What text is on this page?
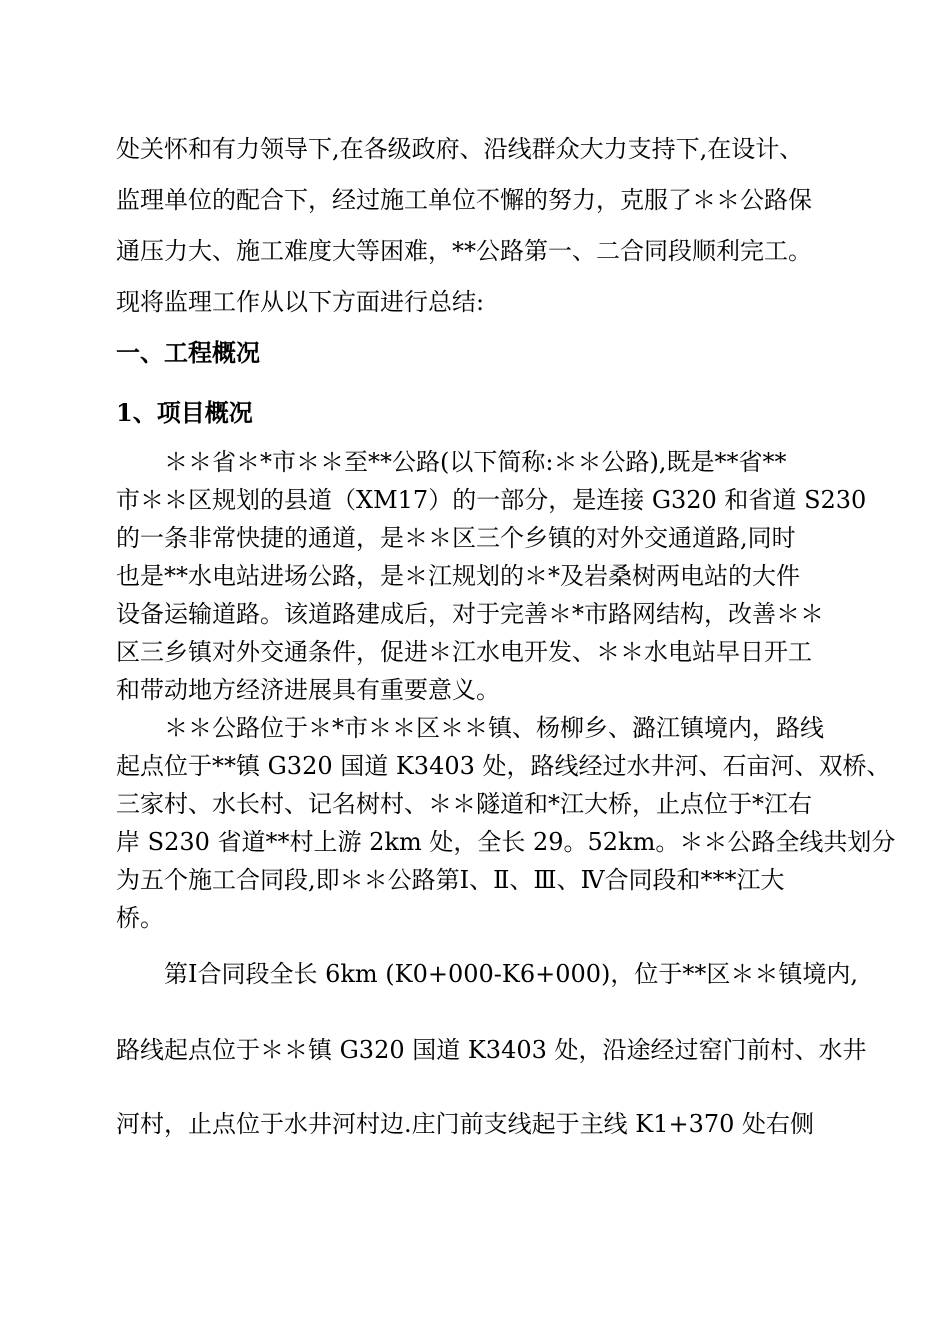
处关怀和有力领导下,在各级政府、沿线群众大力支持下,在设计、
监理单位的配合下，经过施工单位不懈的努力，克服了＊＊公路保
通压力大、施工难度大等困难，**公路第一、二合同段顺利完工。
现将监理工作从以下方面进行总结:
一、工程概况
1、项目概况
＊＊省＊*市＊＊至**公路(以下简称:＊＊公路),既是**省**
市＊＊区规划的县道（XM17）的一部分，是连接 G320 和省道 S230
的一条非常快捷的通道，是＊＊区三个乡镇的对外交通道路,同时
也是**水电站进场公路，是＊江规划的＊*及岩桑树两电站的大件
设备运输道路。该道路建成后，对于完善＊*市路网结构，改善＊＊
区三乡镇对外交通条件，促进＊江水电开发、＊＊水电站早日开工
和带动地方经济进展具有重要意义。
＊＊公路位于＊*市＊＊区＊＊镇、杨柳乡、潞江镇境内，路线
起点位于**镇 G320 国道 K3403 处，路线经过水井河、石亩河、双桥、
三家村、水长村、记名树村、＊＊隧道和*江大桥，止点位于*江右
岸 S230 省道**村上游 2km 处，全长 29。52km。＊＊公路全线共划分
为五个施工合同段,即＊＊公路第Ⅰ、Ⅱ、Ⅲ、Ⅳ合同段和***江大
桥。
第Ⅰ合同段全长 6km (K0+000-K6+000)，位于**区＊＊镇境内,
路线起点位于＊＊镇 G320 国道 K3403 处，沿途经过窑门前村、水井
河村，止点位于水井河村边.庄门前支线起于主线 K1+370 处右侧
